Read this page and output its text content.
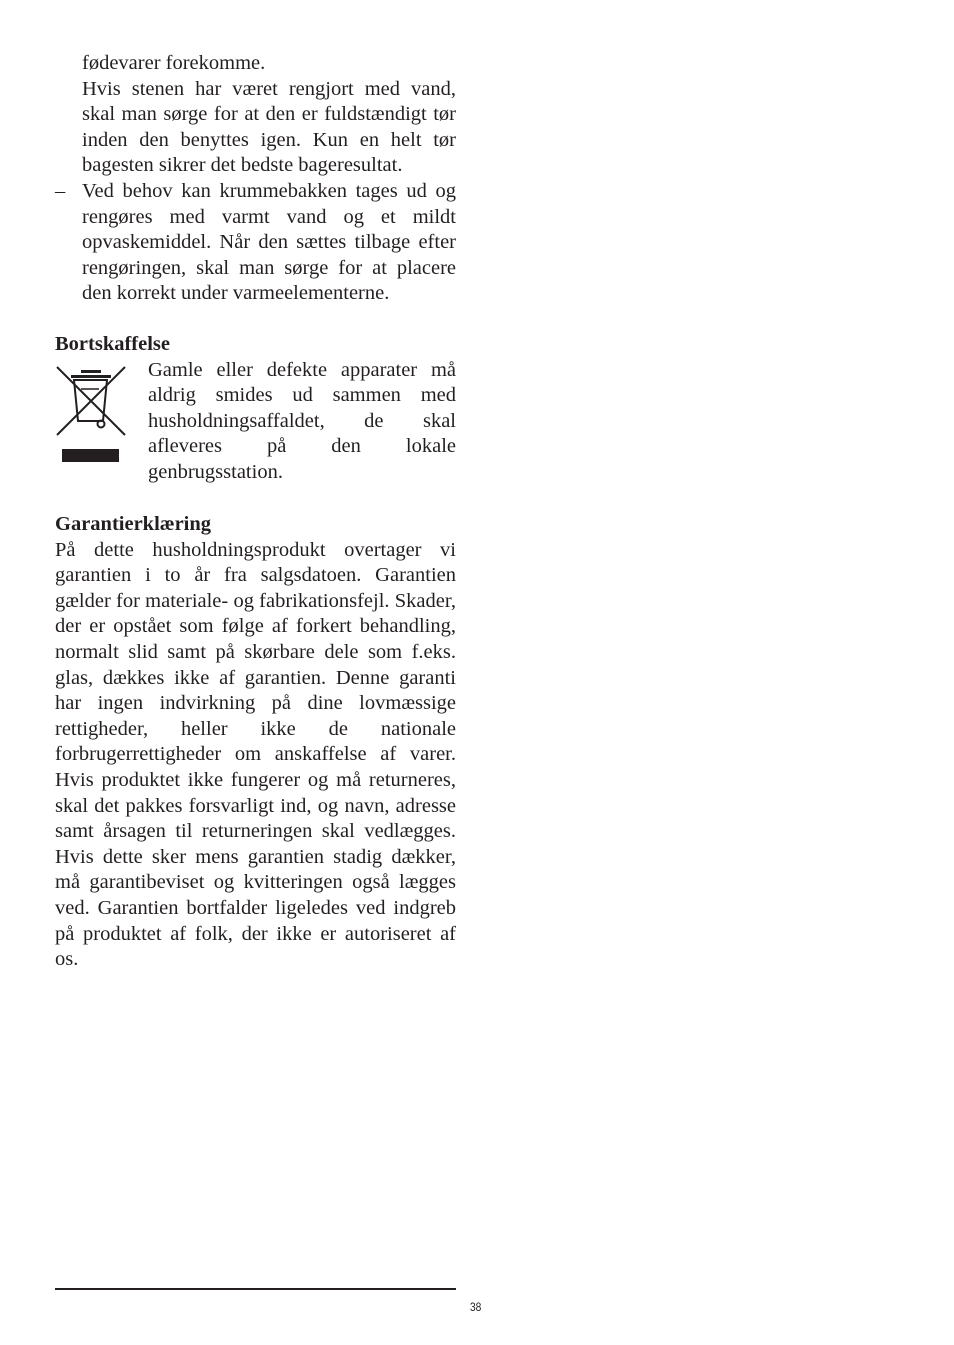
fødevarer forekomme.

Hvis stenen har været rengjort med vand, skal man sørge for at den er fuldstændigt tør inden den benyttes igen. Kun en helt tør bagesten sikrer det bedste bageresultat.

– Ved behov kan krummebakken tages ud og rengøres med varmt vand og et mildt opvaskemiddel. Når den sættes tilbage efter rengøringen, skal man sørge for at placere den korrekt under varmeelementerne.

Bortskaffelse

Gamle eller defekte apparater må aldrig smides ud sammen med husholdningsaffaldet, de skal afleveres på den lokale genbrugsstation.

Garantierklæring

På dette husholdningsprodukt overtager vi garantien i to år fra salgsdatoen. Garantien gælder for materiale- og fabrikationsfejl. Skader, der er opstået som følge af forkert behandling, normalt slid samt på skørbare dele som f.eks. glas, dækkes ikke af garantien. Denne garanti har ingen indvirkning på dine lovmæssige rettigheder, heller ikke de nationale forbrugerrettigheder om anskaffelse af varer. Hvis produktet ikke fungerer og må returneres, skal det pakkes forsvarligt ind, og navn, adresse samt årsagen til returneringen skal vedlægges. Hvis dette sker mens garantien stadig dækker, må garantibeviset og kvitteringen også lægges ved. Garantien bortfalder ligeledes ved indgreb på produktet af folk, der ikke er autoriseret af os.

38
